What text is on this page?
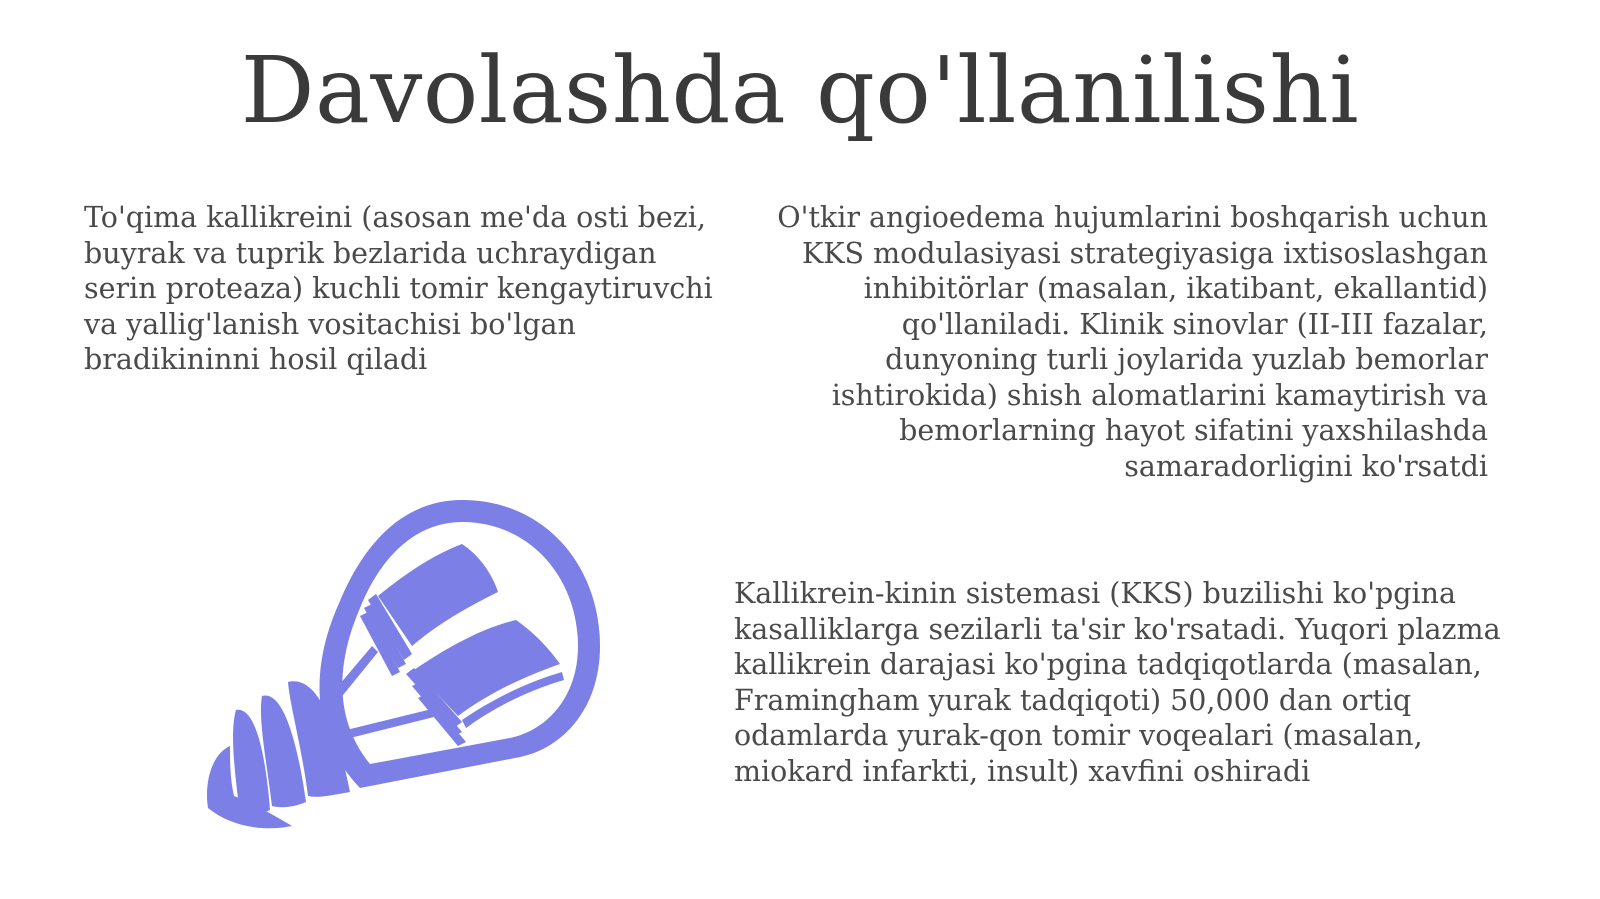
Davolashda qo'llanilishi

To'qima kallikreini (asosan me'da osti bezi, buyrak va tuprik bezlarida uchraydigan serin proteaza) kuchli tomir kengaytiruvchi va yallig'lanish vositachisi bo'lgan bradikininni hosil qiladi

O'tkir angioedema hujumlarini boshqarish uchun KKS modulasiyasi strategiyasiga ixtisoslashgan inhibitörlar (masalan, ikatibant, ekallantid) qo'llaniladi. Klinik sinovlar (II-III fazalar, dunyoning turli joylarida yuzlab bemorlar ishtirokida) shish alomatlarini kamaytirish va bemorlarning hayot sifatini yaxshilashda samaradorligini ko'rsatdi

Kallikrein-kinin sistemasi (KKS) buzilishi ko'pgina kasalliklarga sezilarli ta'sir ko'rsatadi. Yuqori plazma kallikrein darajasi ko'pgina tadqiqotlarda (masalan, Framingham yurak tadqiqoti) 50,000 dan ortiq odamlarda yurak-qon tomir voqealari (masalan, miokard infarkti, insult) xavfini oshiradi
